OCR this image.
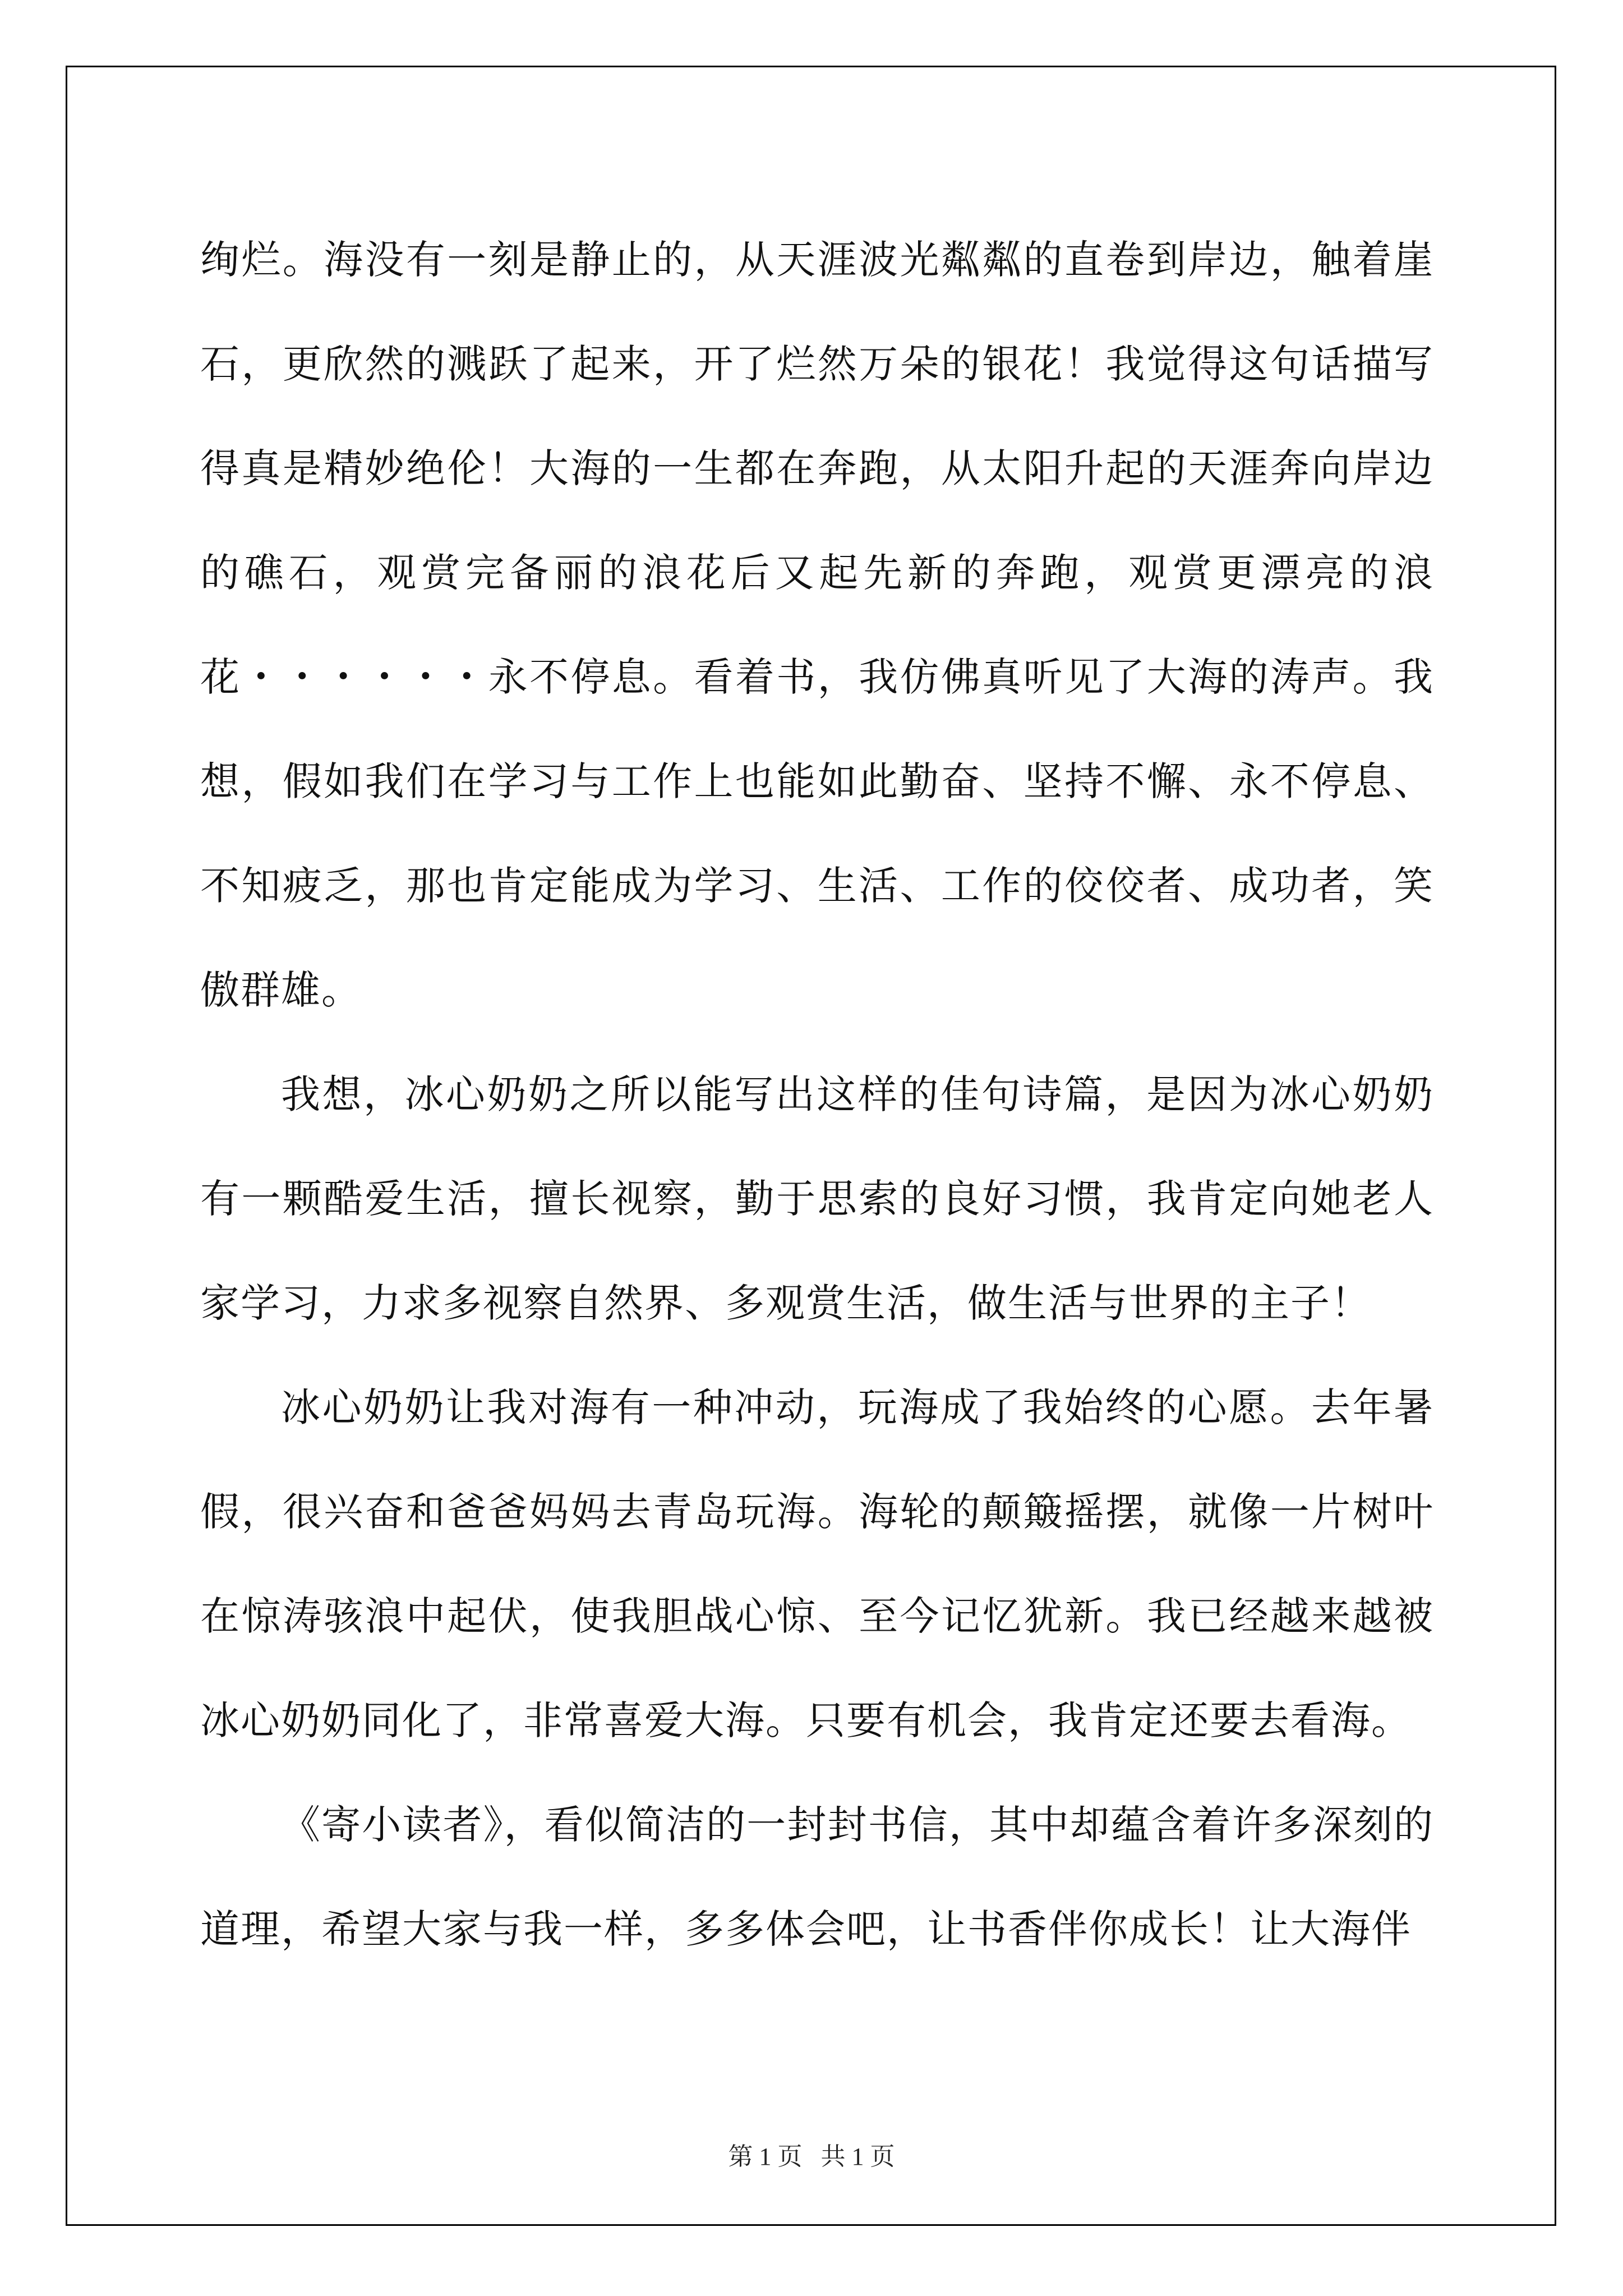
绚烂。海没有一刻是静止的，从天涯波光粼粼的直卷到岸边，触着崖石，更欣然的溅跃了起来，开了烂然万朵的银花！我觉得这句话描写得真是精妙绝伦！大海的一生都在奔跑，从太阳升起的天涯奔向岸边的礁石，观赏完备丽的浪花后又起先新的奔跑，观赏更漂亮的浪花・・・・・・永不停息。看着书，我仿佛真听见了大海的涛声。我想，假如我们在学习与工作上也能如此勤奋、坚持不懈、永不停息、不知疲乏，那也肯定能成为学习、生活、工作的佼佼者、成功者，笑傲群雄。

我想，冰心奶奶之所以能写出这样的佳句诗篇，是因为冰心奶奶有一颗酷爱生活，擅长视察，勤于思索的良好习惯，我肯定向她老人家学习，力求多视察自然界、多观赏生活，做生活与世界的主子！

冰心奶奶让我对海有一种冲动，玩海成了我始终的心愿。去年暑假，很兴奋和爸爸妈妈去青岛玩海。海轮的颠簸摇摆，就像一片树叶在惊涛骇浪中起伏，使我胆战心惊、至今记忆犹新。我已经越来越被冰心奶奶同化了，非常喜爱大海。只要有机会，我肯定还要去看海。

《寄小读者》，看似简洁的一封封书信，其中却蕴含着许多深刻的道理，希望大家与我一样，多多体会吧，让书香伴你成长！让大海伴

第 1 页   共 1 页
